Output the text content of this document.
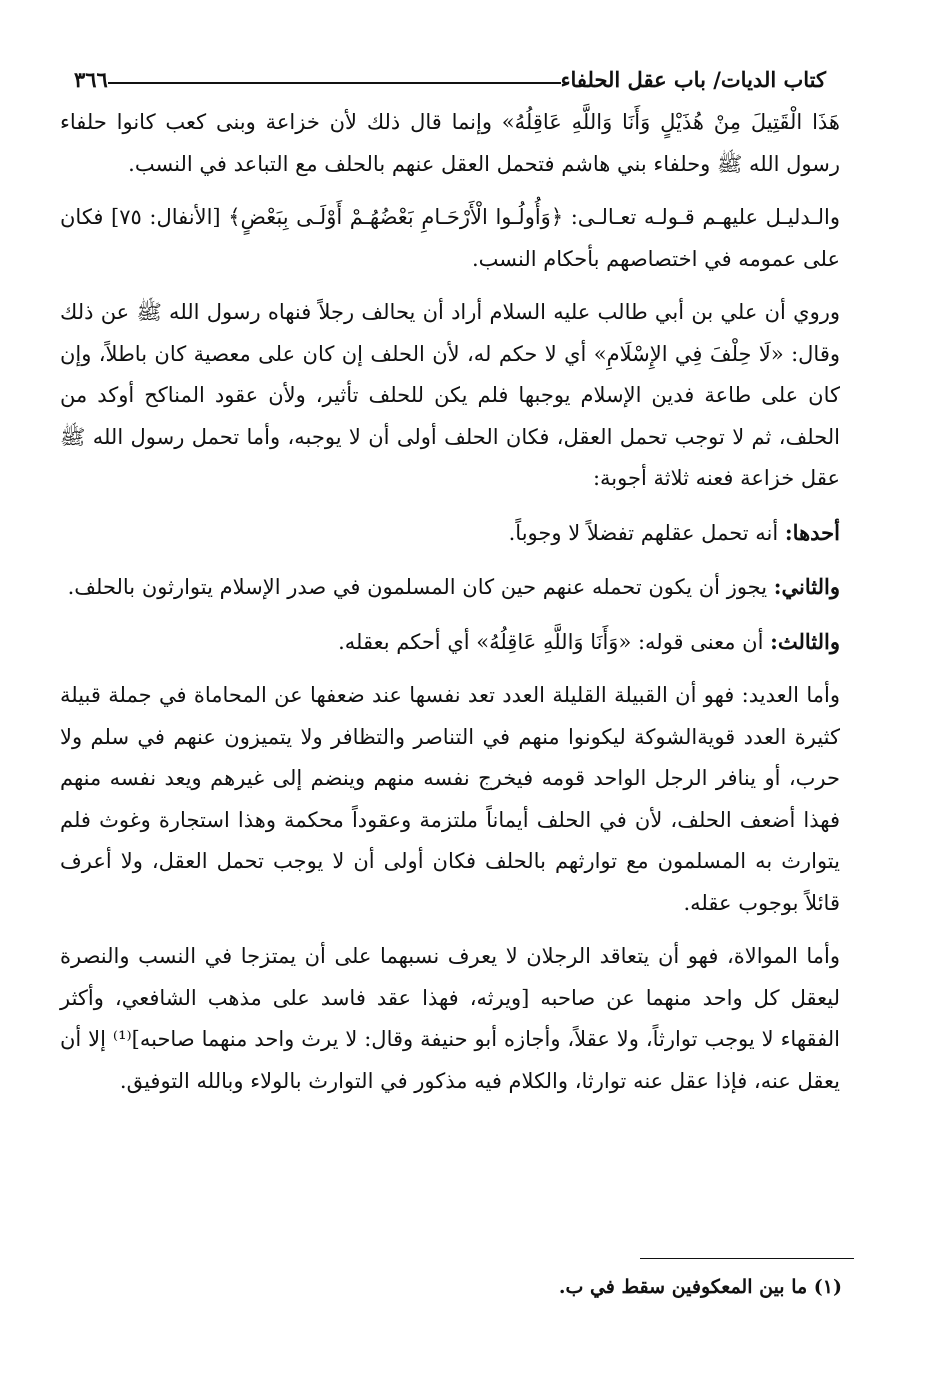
كتاب الديات/ باب عقل الحلفاء
٣٦٦

هَذَا الْقَتِيلَ مِنْ هُذَيْلٍ وَأَنَا وَاللَّهِ عَاقِلُهُ» وإنما قال ذلك لأن خزاعة وبنى كعب كانوا حلفاء رسول الله ﷺ وحلفاء بني هاشم فتحمل العقل عنهم بالحلف مع التباعد في النسب.

والـدليـل عليهـم قـولـه تعـالـى: ﴿وَأُولُـوا الْأَرْحَـامِ بَعْضُهُـمْ أَوْلَـى بِبَعْضٍ﴾ [الأنفال: ٧٥] فكان على عمومه في اختصاصهم بأحكام النسب.

وروي أن علي بن أبي طالب عليه السلام أراد أن يحالف رجلاً فنهاه رسول الله ﷺ عن ذلك وقال: «لَا حِلْفَ فِي الإِسْلَامِ» أي لا حكم له، لأن الحلف إن كان على معصية كان باطلاً، وإن كان على طاعة فدين الإسلام يوجبها فلم يكن للحلف تأثير، ولأن عقود المناكح أوكد من الحلف، ثم لا توجب تحمل العقل، فكان الحلف أولى أن لا يوجبه، وأما تحمل رسول الله ﷺ عقل خزاعة فعنه ثلاثة أجوبة:

أحدها: أنه تحمل عقلهم تفضلاً لا وجوباً.

والثاني: يجوز أن يكون تحمله عنهم حين كان المسلمون في صدر الإسلام يتوارثون بالحلف.

والثالث: أن معنى قوله: «وَأَنَا وَاللَّهِ عَاقِلُهُ» أي أحكم بعقله.

وأما العديد: فهو أن القبيلة القليلة العدد تعد نفسها عند ضعفها عن المحاماة في جملة قبيلة كثيرة العدد قويةالشوكة ليكونوا منهم في التناصر والتظافر ولا يتميزون عنهم في سلم ولا حرب، أو ينافر الرجل الواحد قومه فيخرج نفسه منهم وينضم إلى غيرهم ويعد نفسه منهم فهذا أضعف الحلف، لأن في الحلف أيماناً ملتزمة وعقوداً محكمة وهذا استجارة وغوث فلم يتوارث به المسلمون مع توارثهم بالحلف فكان أولى أن لا يوجب تحمل العقل، ولا أعرف قائلاً بوجوب عقله.

وأما الموالاة، فهو أن يتعاقد الرجلان لا يعرف نسبهما على أن يمتزجا في النسب والنصرة ليعقل كل واحد منهما عن صاحبه [ويرثه، فهذا عقد فاسد على مذهب الشافعي، وأكثر الفقهاء لا يوجب توارثاً، ولا عقلاً، وأجازه أبو حنيفة وقال: لا يرث واحد منهما صاحبه]⁽¹⁾ إلا أن يعقل عنه، فإذا عقل عنه توارثا، والكلام فيه مذكور في التوارث بالولاء وبالله التوفيق.

(١) ما بين المعكوفين سقط في ب.
